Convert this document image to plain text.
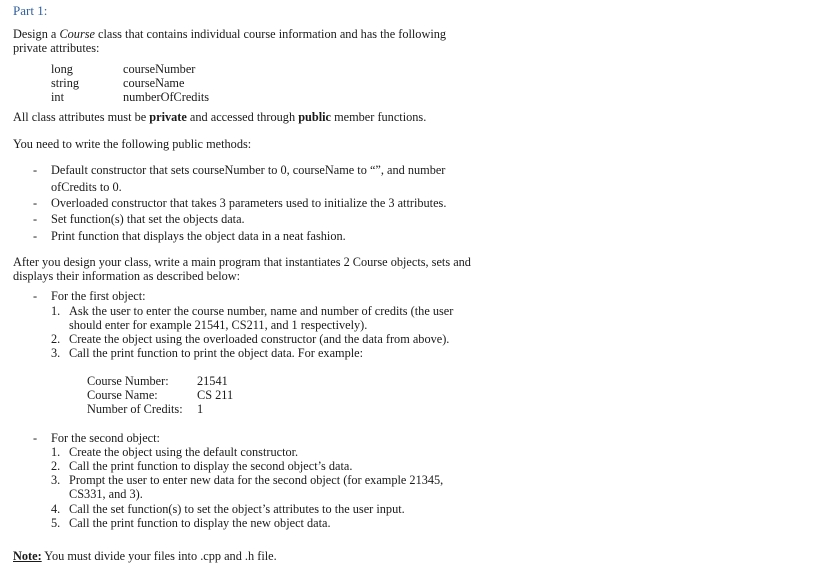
Part 1:
Design a Course class that contains individual course information and has the following
private attributes:
long	courseNumber
string	courseName
int	numberOfCredits
All class attributes must be private and accessed through public member functions.
You need to write the following public methods:
- Default constructor that sets courseNumber to 0, courseName to “”, and number
ofCredits to 0.
- Overloaded constructor that takes 3 parameters used to initialize the 3 attributes.
- Set function(s) that set the objects data.
- Print function that displays the object data in a neat fashion.
After you design your class, write a main program that instantiates 2 Course objects, sets and
displays their information as described below:
- For the first object:
1. Ask the user to enter the course number, name and number of credits (the user
should enter for example 21541, CS211, and 1 respectively).
2. Create the object using the overloaded constructor (and the data from above).
3. Call the print function to print the object data. For example:
Course Number: 21541
Course Name:	CS 211
Number of Credits: 1
- For the second object:
1. Create the object using the default constructor.
2. Call the print function to display the second object’s data.
3. Prompt the user to enter new data for the second object (for example 21345,
CS331, and 3).
4. Call the set function(s) to set the object’s attributes to the user input.
5. Call the print function to display the new object data.
Note: You must divide your files into .cpp and .h file.
